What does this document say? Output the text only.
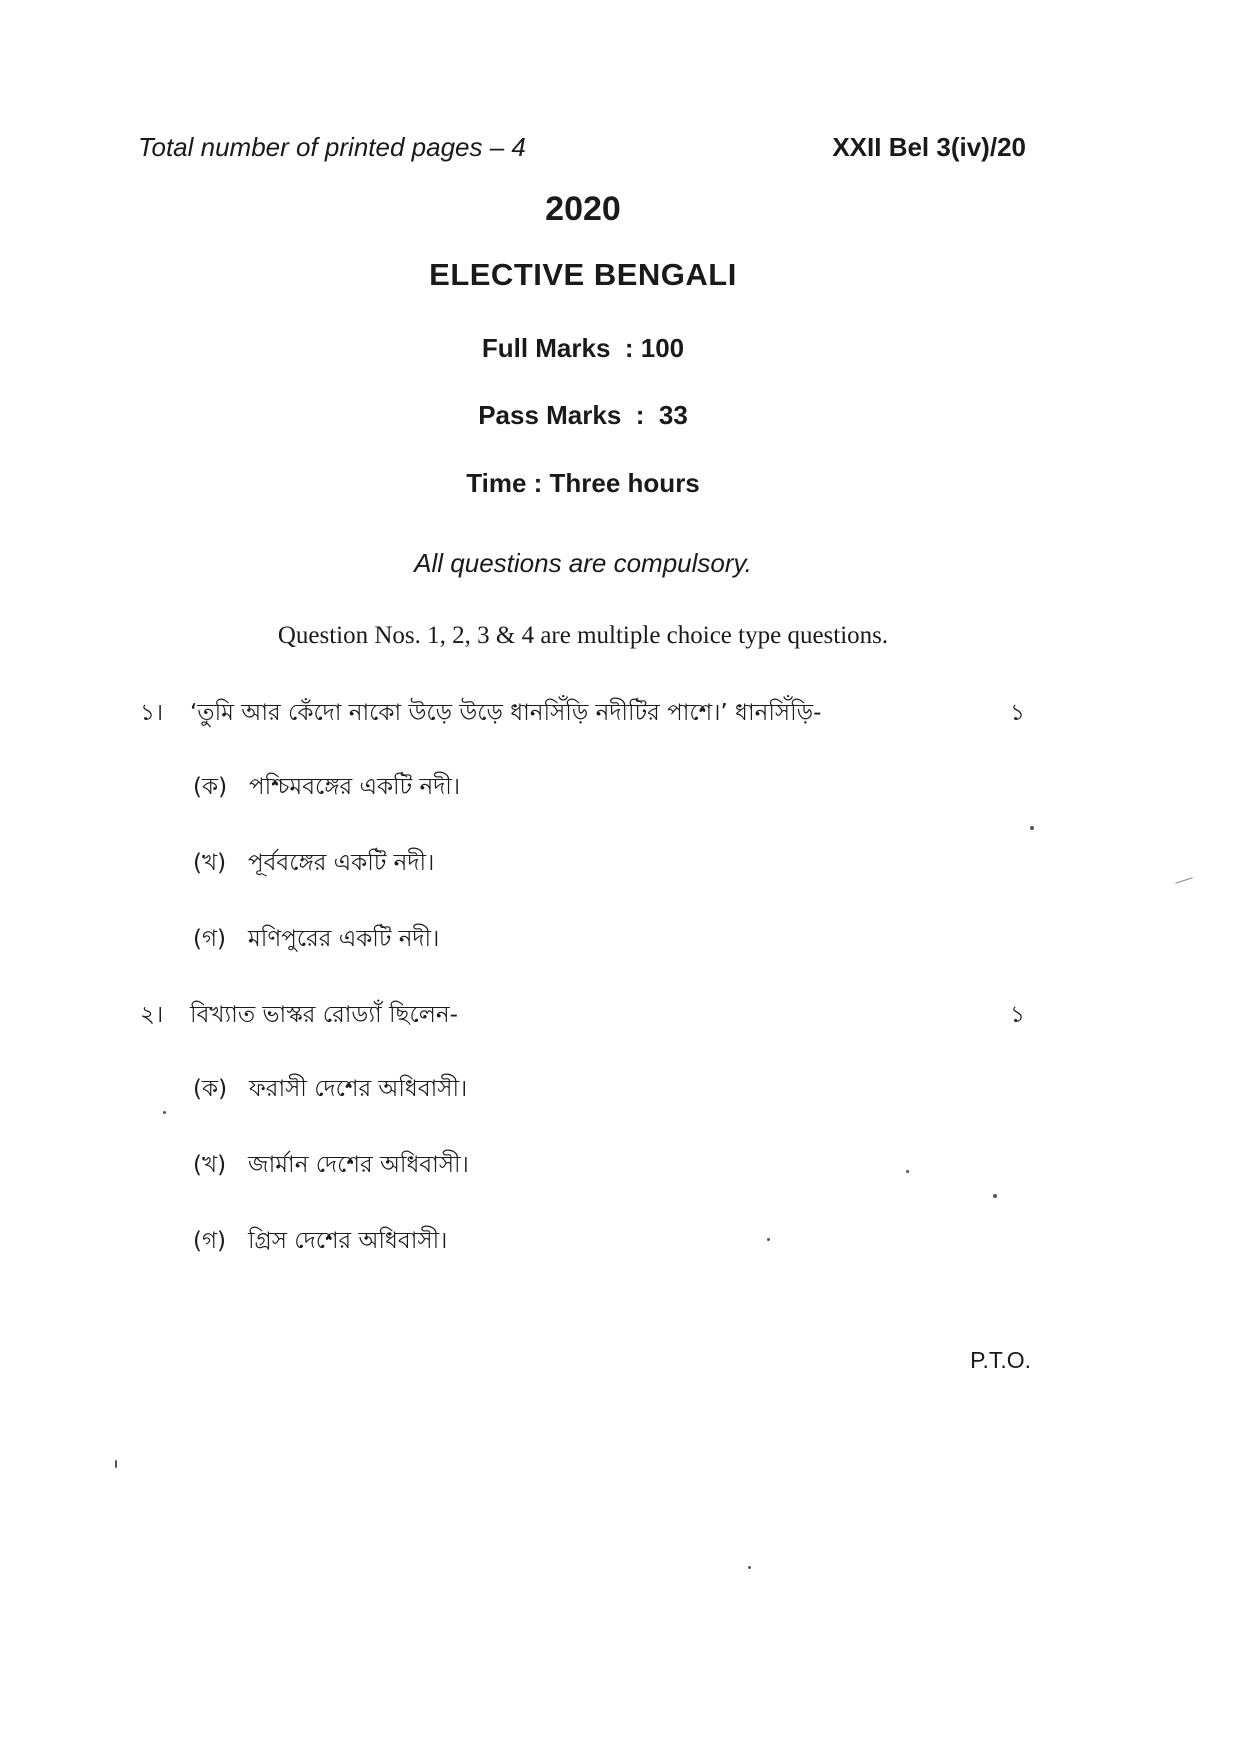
Total number of printed pages – 4	XXII Bel 3(iv)/20
2020
ELECTIVE BENGALI
Full Marks  : 100
Pass Marks  :  33
Time : Three hours
All questions are compulsory.
Question Nos. 1, 2, 3 & 4 are multiple choice type questions.
১। ‘তুমি আর কেঁদো নাকো উড়ে উড়ে ধানসিঁড়ি নদীটির পাশে।’ ধানসিঁড়ি-	১
(ক) পশ্চিমবঙ্গের একটি নদী।
(খ) পূর্ববঙ্গের একটি নদী।
(গ) মণিপুরের একটি নদী।
২। বিখ্যাত ভাস্কর রোড্যাঁ ছিলেন-	১
(ক) ফরাসী দেশের অধিবাসী।
(খ) জার্মান দেশের অধিবাসী।
(গ) গ্রিস দেশের অধিবাসী।
P.T.O.
